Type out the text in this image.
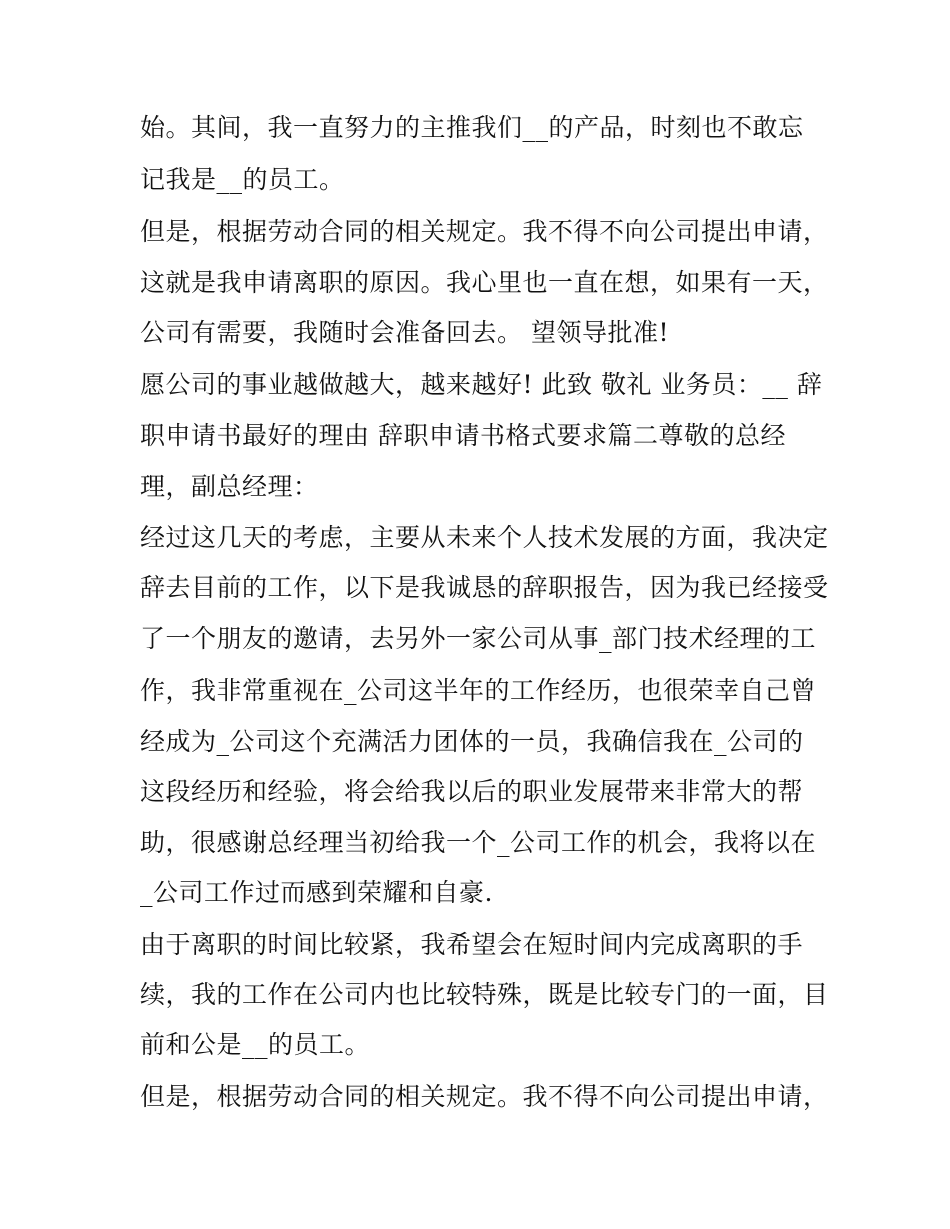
始。其间，我一直努力的主推我们__的产品，时刻也不敢忘

记我是__的员工。

但是，根据劳动合同的相关规定。我不得不向公司提出申请，

这就是我申请离职的原因。我心里也一直在想，如果有一天，

公司有需要，我随时会准备回去。 望领导批准!

愿公司的事业越做越大，越来越好! 此致 敬礼 业务员：__ 辞

职申请书最好的理由 辞职申请书格式要求篇二尊敬的总经

理，副总经理：

经过这几天的考虑，主要从未来个人技术发展的方面，我决定

辞去目前的工作，以下是我诚恳的辞职报告，因为我已经接受

了一个朋友的邀请，去另外一家公司从事_部门技术经理的工

作，我非常重视在_公司这半年的工作经历，也很荣幸自己曾

经成为_公司这个充满活力团体的一员，我确信我在_公司的

这段经历和经验，将会给我以后的职业发展带来非常大的帮

助，很感谢总经理当初给我一个_公司工作的机会，我将以在

_公司工作过而感到荣耀和自豪.

由于离职的时间比较紧，我希望会在短时间内完成离职的手

续，我的工作在公司内也比较特殊，既是比较专门的一面，目

前和公是__的员工。

但是，根据劳动合同的相关规定。我不得不向公司提出申请，
